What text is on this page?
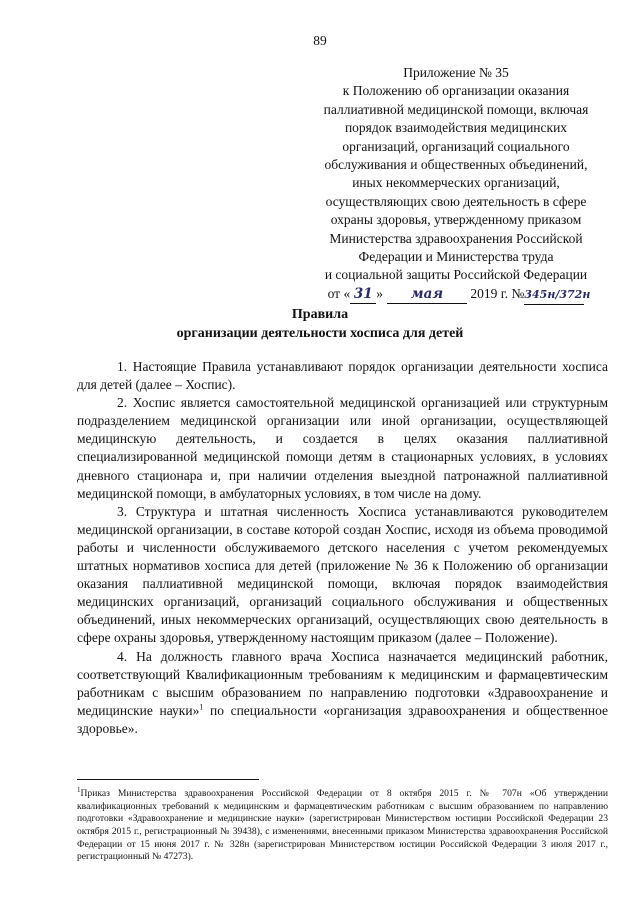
89
Приложение № 35
к Положению об организации оказания
паллиативной медицинской помощи, включая
порядок взаимодействия медицинских
организаций, организаций социального
обслуживания и общественных объединений,
иных некоммерческих организаций,
осуществляющих свою деятельность в сфере
охраны здоровья, утвержденному приказом
Министерства здравоохранения Российской
Федерации и Министерства труда
и социальной защиты Российской Федерации
от « 31 » мая 2019 г. №345н/372н
Правила
организации деятельности хосписа для детей

1. Настоящие Правила устанавливают порядок организации деятельности хосписа для детей (далее – Хоспис).

2. Хоспис является самостоятельной медицинской организацией или структурным подразделением медицинской организации или иной организации, осуществляющей медицинскую деятельность, и создается в целях оказания паллиативной специализированной медицинской помощи детям в стационарных условиях, в условиях дневного стационара и, при наличии отделения выездной патронажной паллиативной медицинской помощи, в амбулаторных условиях, в том числе на дому.

3. Структура и штатная численность Хосписа устанавливаются руководителем медицинской организации, в составе которой создан Хоспис, исходя из объема проводимой работы и численности обслуживаемого детского населения с учетом рекомендуемых штатных нормативов хосписа для детей (приложение № 36 к Положению об организации оказания паллиативной медицинской помощи, включая порядок взаимодействия медицинских организаций, организаций социального обслуживания и общественных объединений, иных некоммерческих организаций, осуществляющих свою деятельность в сфере охраны здоровья, утвержденному настоящим приказом (далее – Положение).

4. На должность главного врача Хосписа назначается медицинский работник, соответствующий Квалификационным требованиям к медицинским и фармацевтическим работникам с высшим образованием по направлению подготовки «Здравоохранение и медицинские науки»$^1$ по специальности «организация здравоохранения и общественное здоровье».

$^1$Приказ Министерства здравоохранения Российской Федерации от 8 октября 2015 г. № 707н «Об утверждении квалификационных требований к медицинским и фармацевтическим работникам с высшим образованием по направлению подготовки «Здравоохранение и медицинские науки» (зарегистрирован Министерством юстиции Российской Федерации 23 октября 2015 г., регистрационный № 39438), с изменениями, внесенными приказом Министерства здравоохранения Российской Федерации от 15 июня 2017 г. № 328н (зарегистрирован Министерством юстиции Российской Федерации 3 июля 2017 г., регистрационный № 47273).
